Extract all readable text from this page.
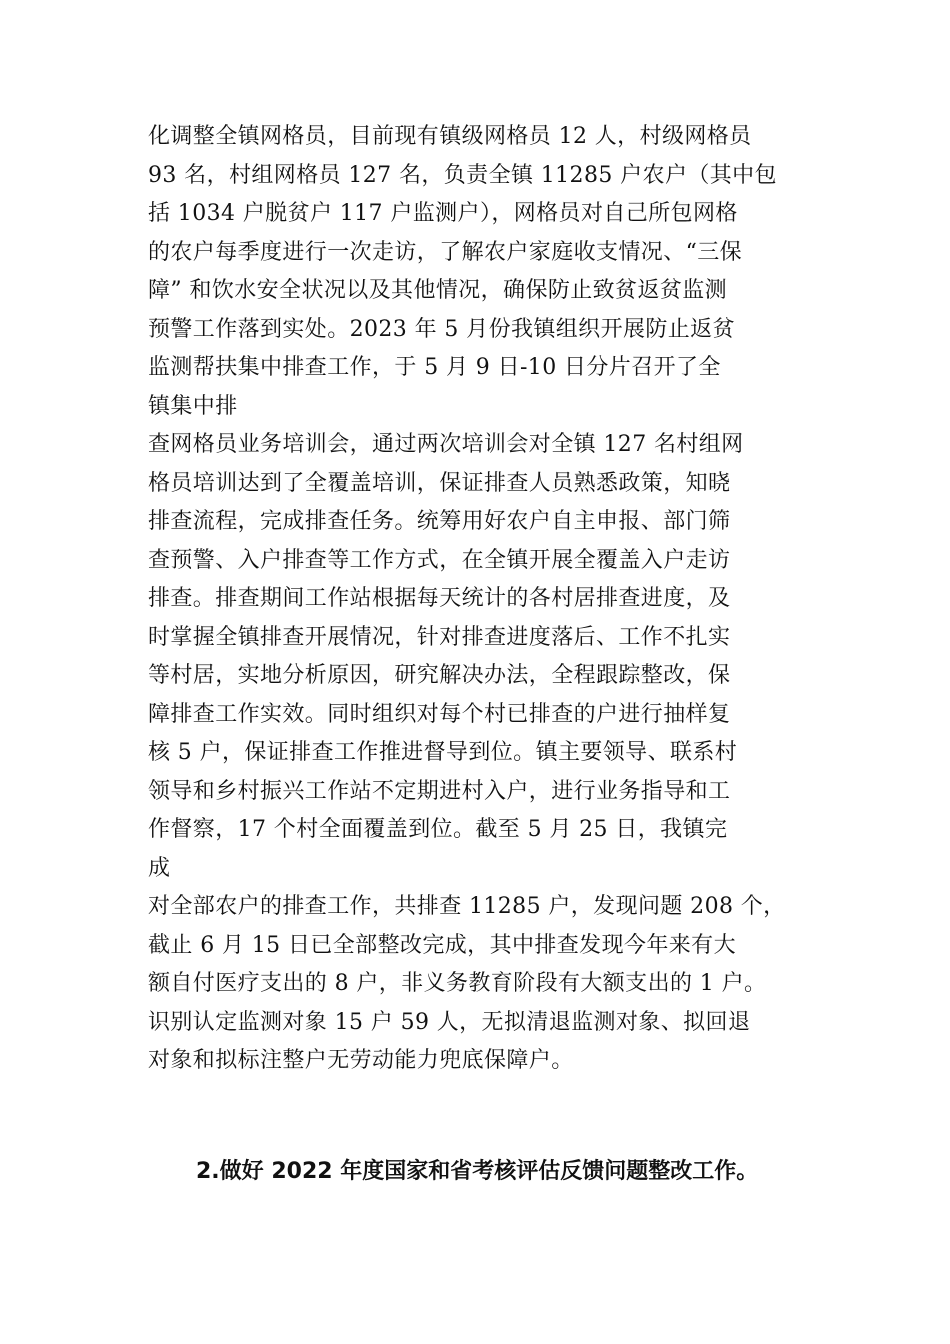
化调整全镇网格员，目前现有镇级网格员 12 人，村级网格员
93 名，村组网格员 127 名，负责全镇 11285 户农户（其中包
括 1034 户脱贫户 117 户监测户），网格员对自己所包网格
的农户每季度进行一次走访，了解农户家庭收支情况、“三保
障” 和饮水安全状况以及其他情况，确保防止致贫返贫监测
预警工作落到实处。2023 年 5 月份我镇组织开展防止返贫
监测帮扶集中排查工作，于 5 月 9 日-10 日分片召开了全
镇集中排
查网格员业务培训会，通过两次培训会对全镇 127 名村组网
格员培训达到了全覆盖培训，保证排查人员熟悉政策，知晓
排查流程，完成排查任务。统筹用好农户自主申报、部门筛
查预警、入户排查等工作方式，在全镇开展全覆盖入户走访
排查。排查期间工作站根据每天统计的各村居排查进度，及
时掌握全镇排查开展情况，针对排查进度落后、工作不扎实
等村居，实地分析原因，研究解决办法，全程跟踪整改，保
障排查工作实效。同时组织对每个村已排查的户进行抽样复
核 5 户，保证排查工作推进督导到位。镇主要领导、联系村
领导和乡村振兴工作站不定期进村入户，进行业务指导和工
作督察，17 个村全面覆盖到位。截至 5 月 25 日，我镇完
成
对全部农户的排查工作，共排查 11285 户，发现问题 208 个，
截止 6 月 15 日已全部整改完成，其中排查发现今年来有大
额自付医疗支出的 8 户，非义务教育阶段有大额支出的 1 户。
识别认定监测对象 15 户 59 人，无拟清退监测对象、拟回退
对象和拟标注整户无劳动能力兜底保障户。
2.做好 2022 年度国家和省考核评估反馈问题整改工作。
